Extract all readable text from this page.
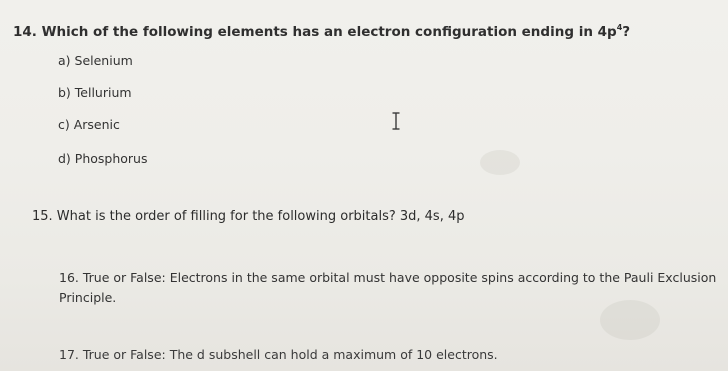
14. Which of the following elements has an electron configuration ending in $4p^4$?
a) Selenium
b) Tellurium
c) Arsenic
d) Phosphorus
15. What is the order of filling for the following orbitals? 3d, 4s, 4p
16. True or False: Electrons in the same orbital must have opposite spins according to the Pauli Exclusion
Principle.
17. True or False: The d subshell can hold a maximum of 10 electrons.
